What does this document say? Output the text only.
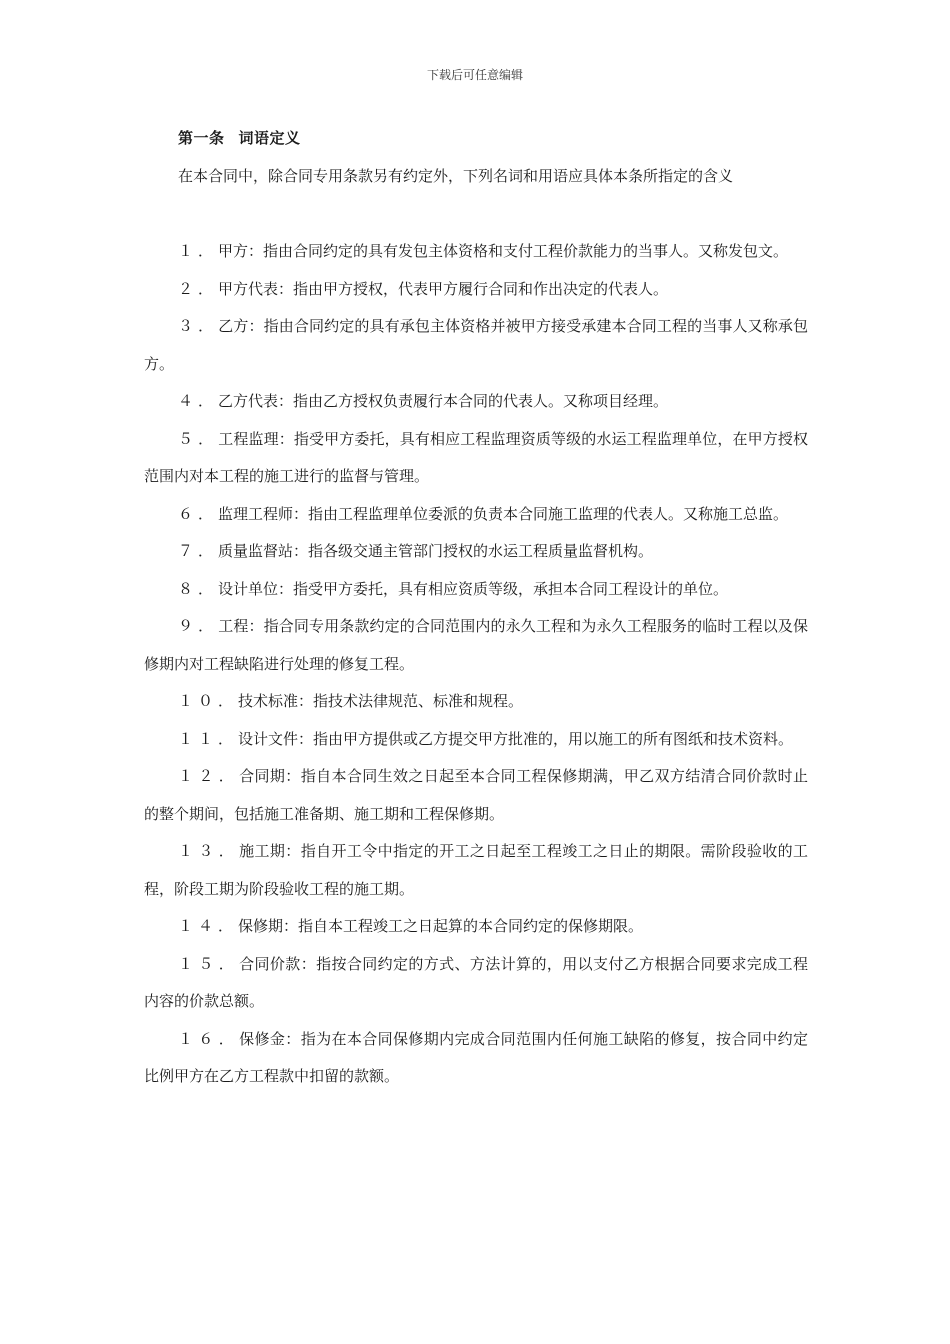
下载后可任意编辑
第一条 词语定义

在本合同中，除合同专用条款另有约定外，下列名词和用语应具体本条所指定的含义

１．甲方：指由合同约定的具有发包主体资格和支付工程价款能力的当事人。又称发包文。

２．甲方代表：指由甲方授权，代表甲方履行合同和作出决定的代表人。

３．乙方：指由合同约定的具有承包主体资格并被甲方接受承建本合同工程的当事人又称承包方。

４．乙方代表：指由乙方授权负责履行本合同的代表人。又称项目经理。

５．工程监理：指受甲方委托，具有相应工程监理资质等级的水运工程监理单位，在甲方授权范围内对本工程的施工进行的监督与管理。

６．监理工程师：指由工程监理单位委派的负责本合同施工监理的代表人。又称施工总监。

７．质量监督站：指各级交通主管部门授权的水运工程质量监督机构。

８．设计单位：指受甲方委托，具有相应资质等级，承担本合同工程设计的单位。

９．工程：指合同专用条款约定的合同范围内的永久工程和为永久工程服务的临时工程以及保修期内对工程缺陷进行处理的修复工程。

１０．技术标准：指技术法律规范、标准和规程。

１１．设计文件：指由甲方提供或乙方提交甲方批准的，用以施工的所有图纸和技术资料。

１２．合同期：指自本合同生效之日起至本合同工程保修期满，甲乙双方结清合同价款时止的整个期间，包括施工准备期、施工期和工程保修期。

１３．施工期：指自开工令中指定的开工之日起至工程竣工之日止的期限。需阶段验收的工程，阶段工期为阶段验收工程的施工期。

１４．保修期：指自本工程竣工之日起算的本合同约定的保修期限。

１５．合同价款：指按合同约定的方式、方法计算的，用以支付乙方根据合同要求完成工程内容的价款总额。

１６．保修金：指为在本合同保修期内完成合同范围内任何施工缺陷的修复，按合同中约定比例甲方在乙方工程款中扣留的款额。
